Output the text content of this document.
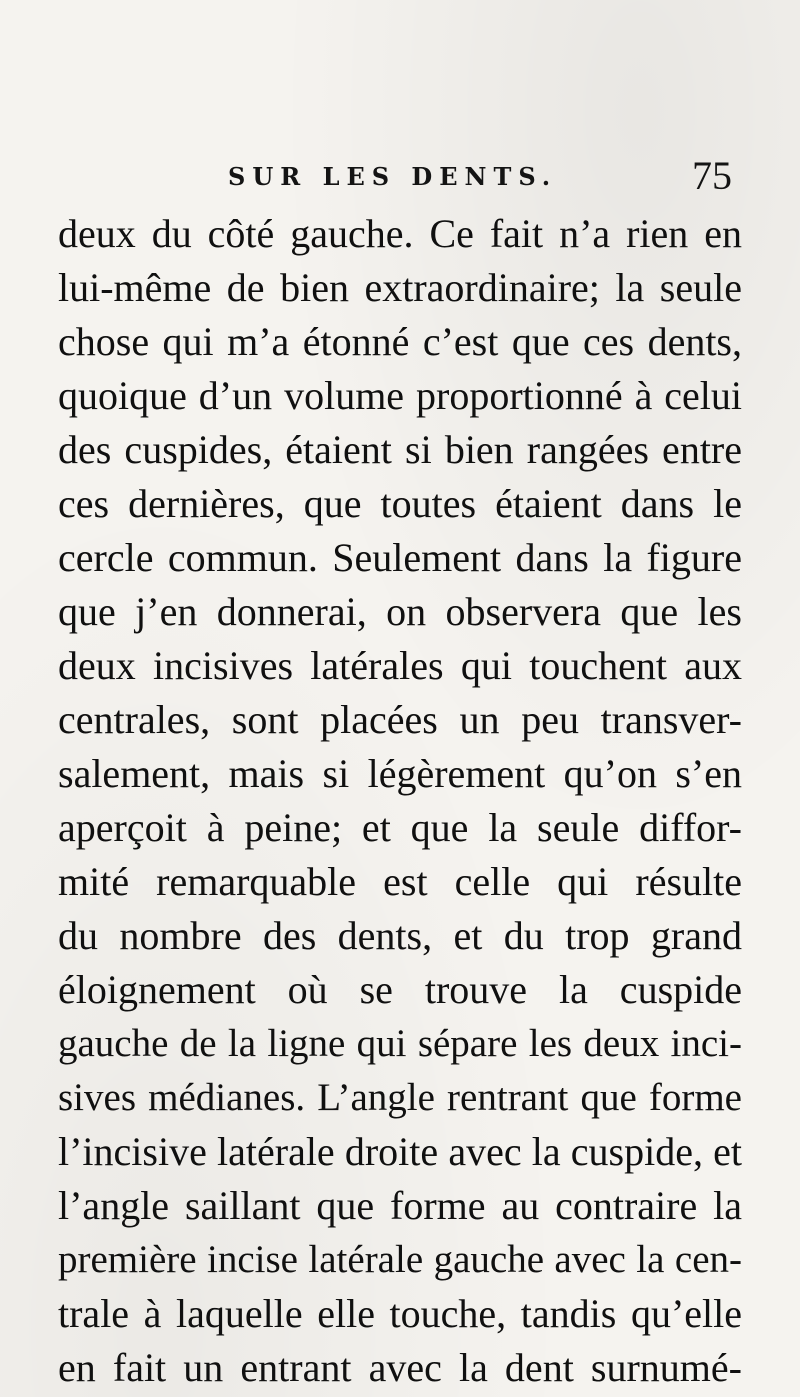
SUR LES DENTS.	75
deux du côté gauche. Ce fait n’a rien en
lui-même de bien extraordinaire; la seule
chose qui m’a étonné c’est que ces dents,
quoique d’un volume proportionné à celui
des cuspides, étaient si bien rangées entre
ces dernières, que toutes étaient dans le
cercle commun. Seulement dans la figure
que j’en donnerai, on observera que les
deux incisives latérales qui touchent aux
centrales, sont placées un peu transver-
salement, mais si légèrement qu’on s’en
aperçoit à peine; et que la seule diffor-
mité remarquable est celle qui résulte
du nombre des dents, et du trop grand
éloignement où se trouve la cuspide
gauche de la ligne qui sépare les deux inci-
sives médianes. L’angle rentrant que forme
l’incisive latérale droite avec la cuspide, et
l’angle saillant que forme au contraire la
première incise latérale gauche avec la cen-
trale à laquelle elle touche, tandis qu’elle
en fait un entrant avec la dent surnumé-
